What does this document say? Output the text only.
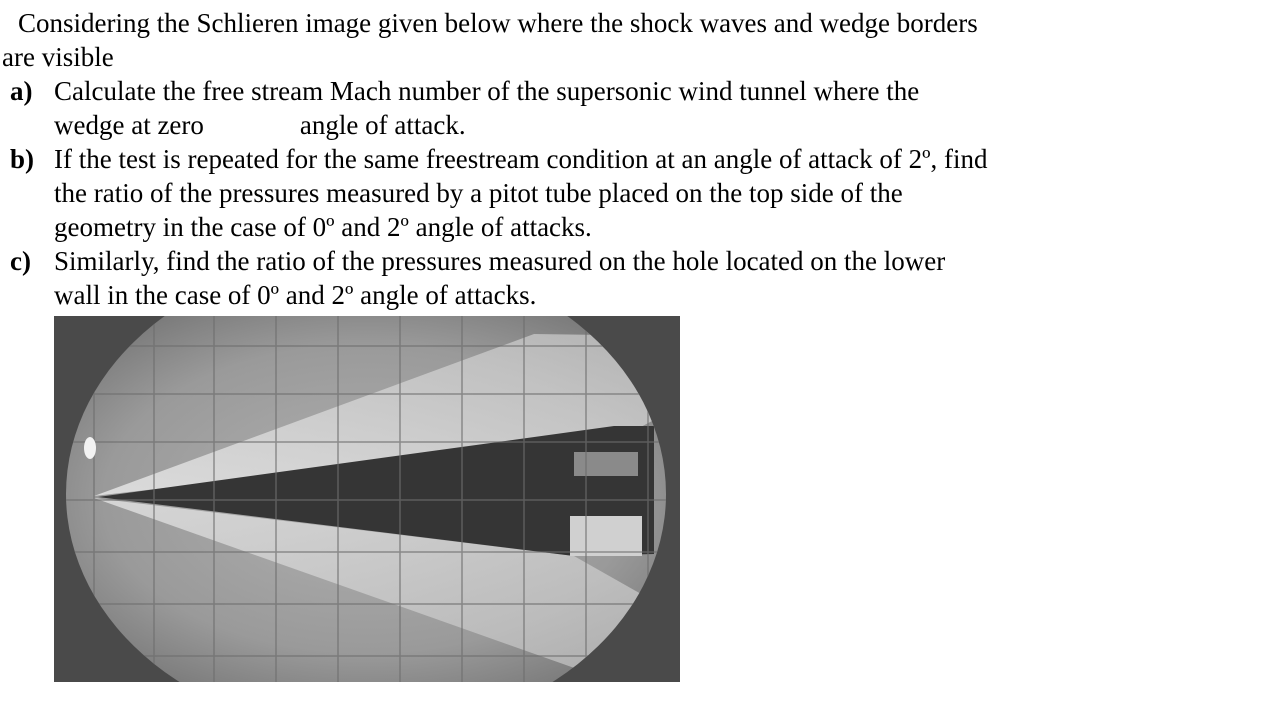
Considering the Schlieren image given below where the shock waves and wedge borders
are visible

a) Calculate the free stream Mach number of the supersonic wind tunnel where the
wedge at zero	angle of attack.
b) If the test is repeated for the same freestream condition at an angle of attack of 2º, find
the ratio of the pressures measured by a pitot tube placed on the top side of the
geometry in the case of 0º and 2º angle of attacks.
c) Similarly, find the ratio of the pressures measured on the hole located on the lower
wall in the case of 0º and 2º angle of attacks.
